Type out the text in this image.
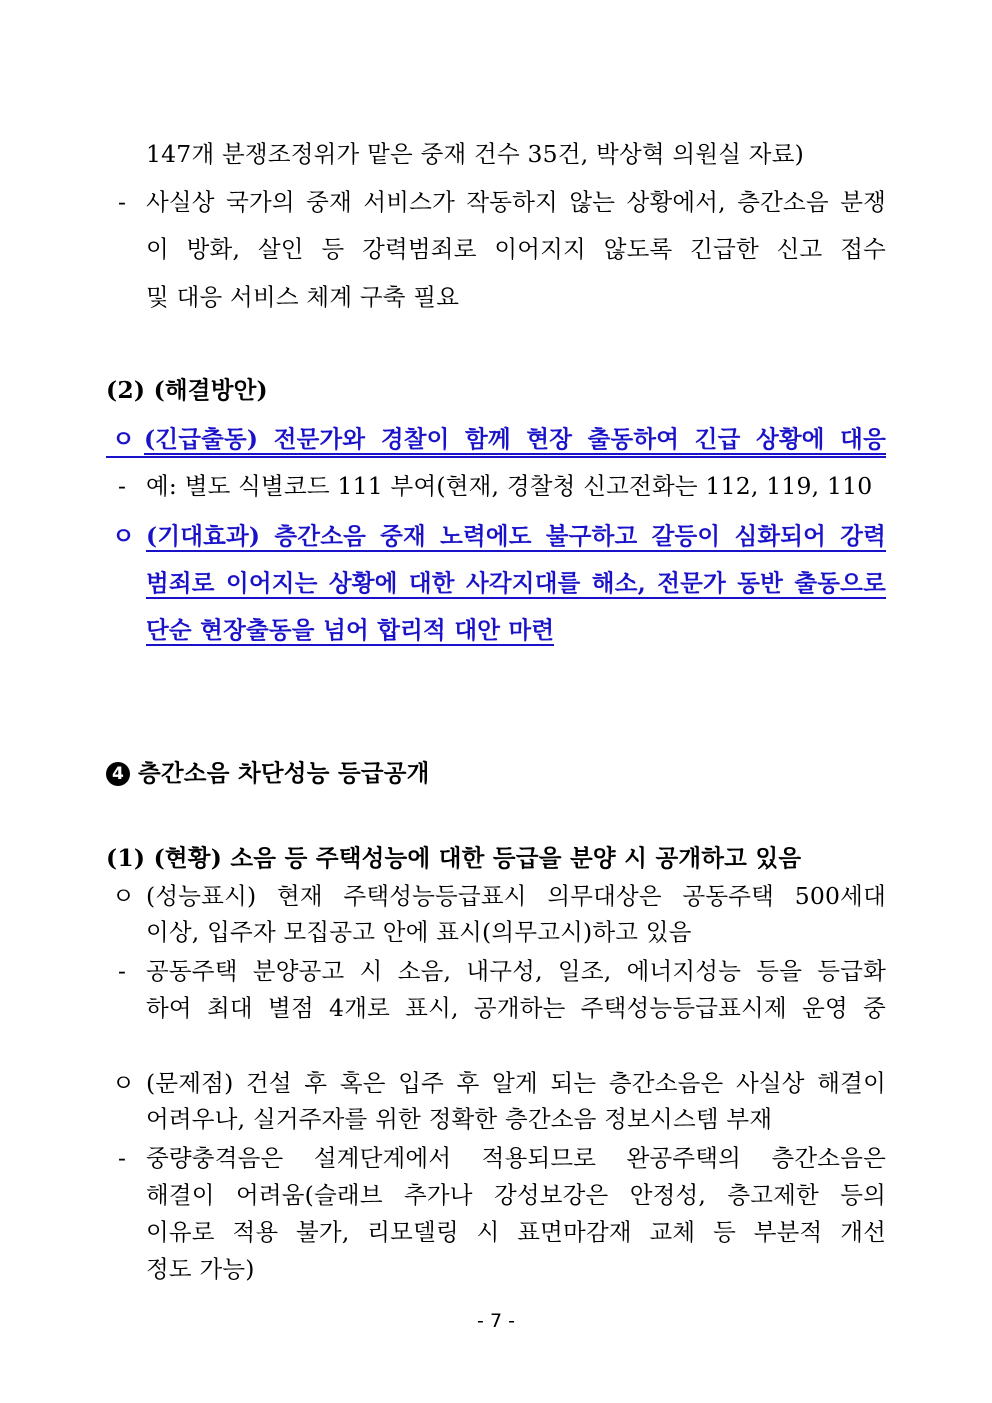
147개 분쟁조정위가 맡은 중재 건수 35건, 박상혁 의원실 자료)
- 사실상 국가의 중재 서비스가 작동하지 않는 상황에서, 층간소음 분쟁
이 방화, 살인 등 강력범죄로 이어지지 않도록 긴급한 신고 접수
및 대응 서비스 체계 구축 필요
(2) (해결방안)
ㅇ (긴급출동) 전문가와 경찰이 함께 현장 출동하여 긴급 상황에 대응
- 예: 별도 식별코드 111 부여(현재, 경찰청 신고전화는 112, 119, 110
ㅇ (기대효과) 층간소음 중재 노력에도 불구하고 갈등이 심화되어 강력
범죄로 이어지는 상황에 대한 사각지대를 해소, 전문가 동반 출동으로
단순 현장출동을 넘어 합리적 대안 마련
4 층간소음 차단성능 등급공개
(1) (현황) 소음 등 주택성능에 대한 등급을 분양 시 공개하고 있음
ㅇ (성능표시) 현재 주택성능등급표시 의무대상은 공동주택 500세대
이상, 입주자 모집공고 안에 표시(의무고시)하고 있음
- 공동주택 분양공고 시 소음, 내구성, 일조, 에너지성능 등을 등급화
하여 최대 별점 4개로 표시, 공개하는 주택성능등급표시제 운영 중
ㅇ (문제점) 건설 후 혹은 입주 후 알게 되는 층간소음은 사실상 해결이
어려우나, 실거주자를 위한 정확한 층간소음 정보시스템 부재
- 중량충격음은 설계단계에서 적용되므로 완공주택의 층간소음은
해결이 어려움(슬래브 추가나 강성보강은 안정성, 층고제한 등의
이유로 적용 불가, 리모델링 시 표면마감재 교체 등 부분적 개선
정도 가능)
- 7 -
